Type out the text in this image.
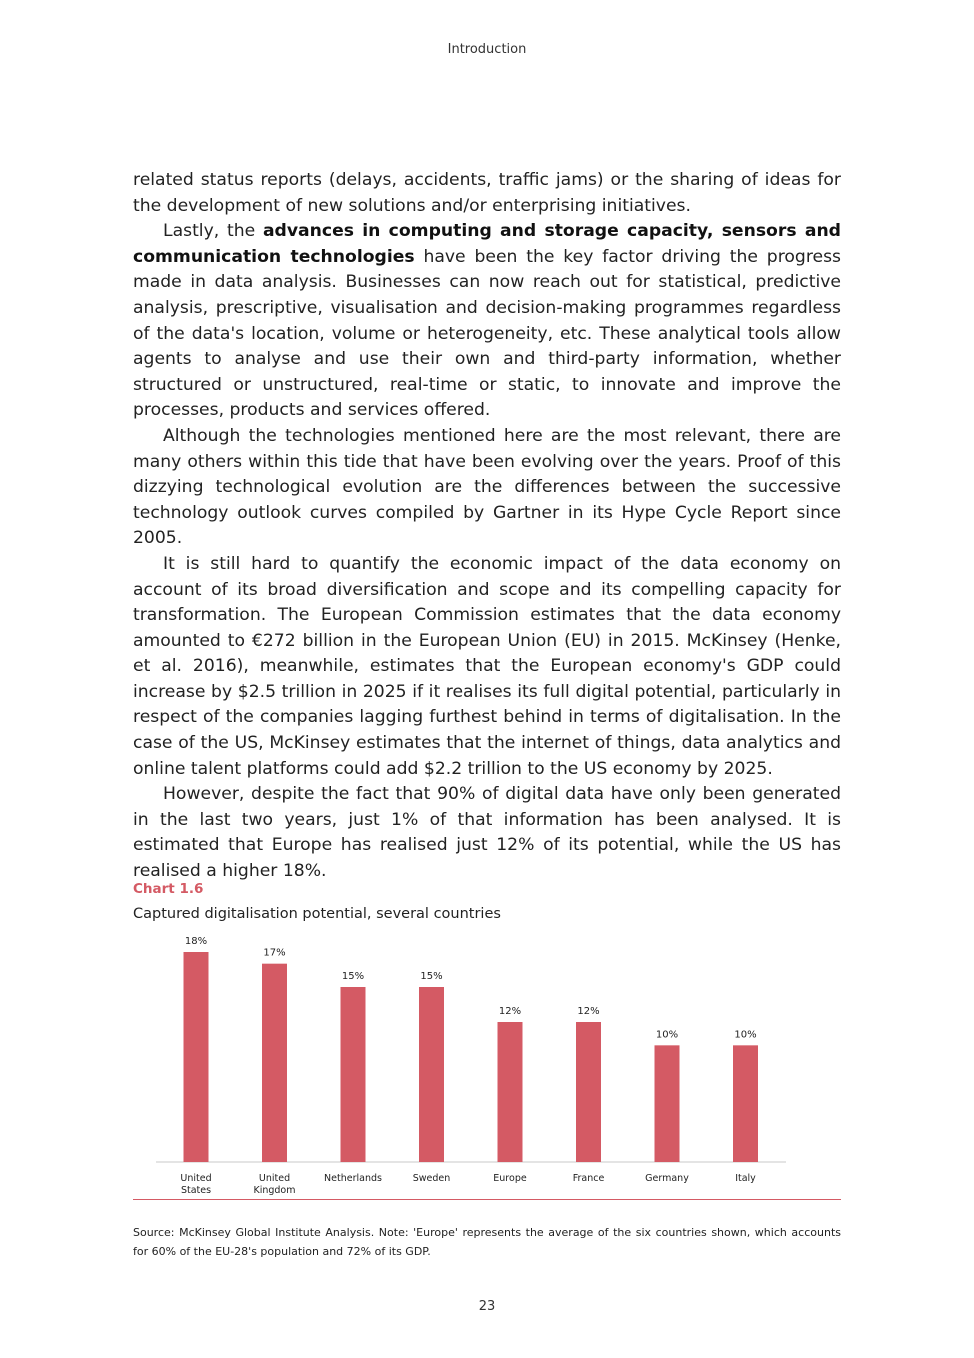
Introduction

related status reports (delays, accidents, traffic jams) or the sharing of ideas for the development of new solutions and/or enterprising initiatives.

Lastly, the advances in computing and storage capacity, sensors and communication technologies have been the key factor driving the progress made in data analysis. Businesses can now reach out for statistical, predictive analysis, prescriptive, visualisation and decision-making programmes regardless of the data's location, volume or heterogeneity, etc. These analytical tools allow agents to analyse and use their own and third-party information, whether structured or unstructured, real-time or static, to innovate and improve the processes, products and services offered.

Although the technologies mentioned here are the most relevant, there are many others within this tide that have been evolving over the years. Proof of this dizzying technological evolution are the differences between the successive technology outlook curves compiled by Gartner in its Hype Cycle Report since 2005.

It is still hard to quantify the economic impact of the data economy on account of its broad diversification and scope and its compelling capacity for transformation. The European Commission estimates that the data economy amounted to €272 billion in the European Union (EU) in 2015. McKinsey (Henke, et al. 2016), meanwhile, estimates that the European economy's GDP could increase by $2.5 trillion in 2025 if it realises its full digital potential, particularly in respect of the companies lagging furthest behind in terms of digitalisation. In the case of the US, McKinsey estimates that the internet of things, data analytics and online talent platforms could add $2.2 trillion to the US economy by 2025.

However, despite the fact that 90% of digital data have only been generated in the last two years, just 1% of that information has been analysed. It is estimated that Europe has realised just 12% of its potential, while the US has realised a higher 18%.

Chart 1.6
Captured digitalisation potential, several countries
18%
United States
17%
United Kingdom
15%
Netherlands
15%
Sweden
12%
Europe
12%
France
10%
Germany
10%
Italy
Source: McKinsey Global Institute Analysis. Note: 'Europe' represents the average of the six countries shown, which accounts for 60% of the EU-28's population and 72% of its GDP.
23
